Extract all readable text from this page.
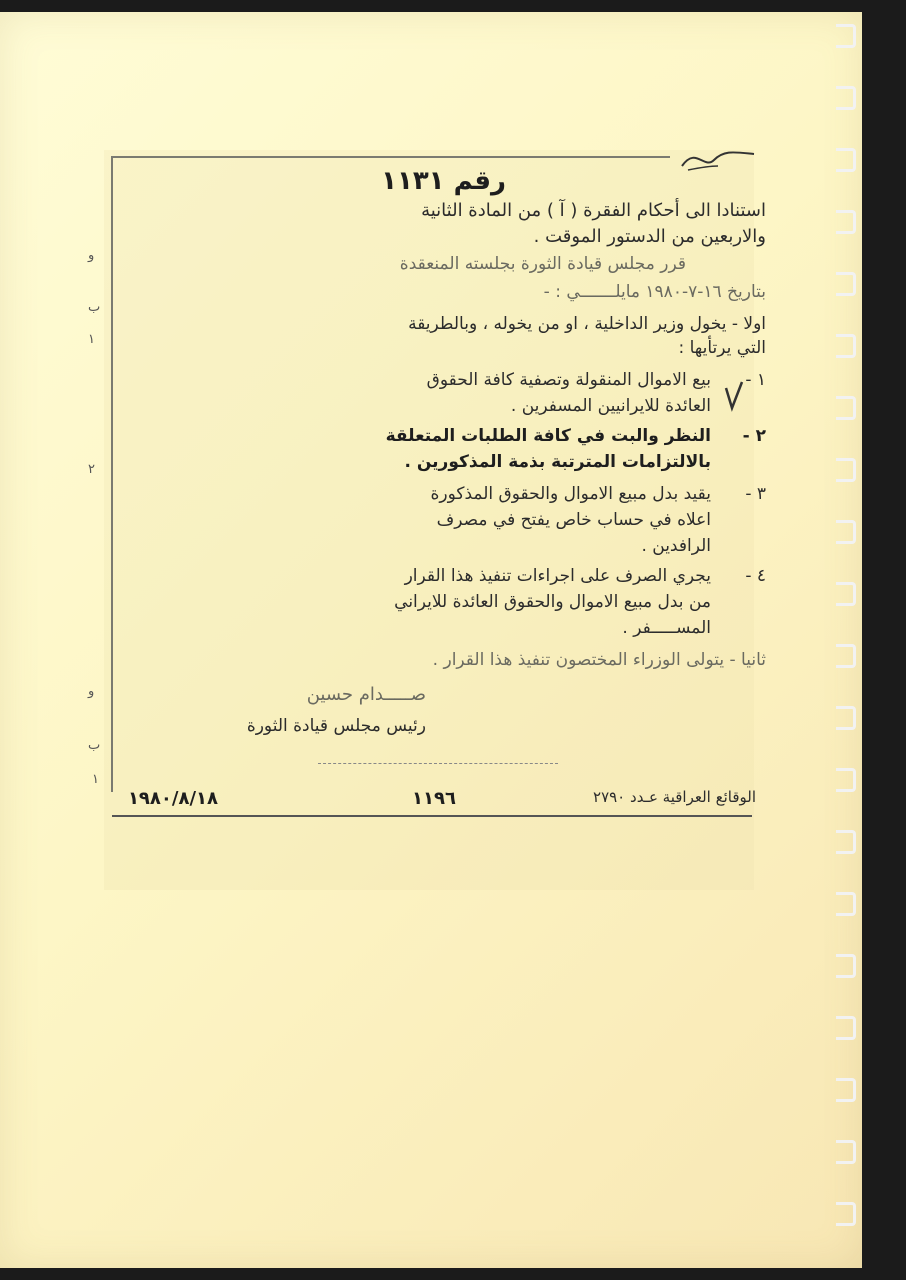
رقم ١١٣١
استنادا الى أحكام الفقرة ( آ ) من المادة الثانية
والاربعين من الدستور الموقت .
قرر مجلس قيادة الثورة بجلسته المنعقدة
بتاريخ ١٦-٧-١٩٨٠ مايلـــــــي : -
اولا - يخول وزير الداخلية ، او من يخوله ، وبالطريقة
التي يرتأيها :
١ -
بيع الاموال المنقولة وتصفية كافة الحقوق
العائدة للايرانيين المسفرين .
٢ -
النظر والبت في كافة الطلبات المتعلقة
بالالتزامات المترتبة بذمة المذكورين .
٣ -
يقيد بدل مبيع الاموال والحقوق المذكورة
اعلاه في حساب خاص يفتح في مصرف
الرافدين .
٤ -
يجري الصرف على اجراءات تنفيذ هذا القرار
من بدل مبيع الاموال والحقوق العائدة للايراني
المســـــفر .
ثانيا - يتولى الوزراء المختصون تنفيذ هذا القرار .
صـــــدام حسين
رئيس مجلس قيادة الثورة
الوقائع العراقية عـدد ٢٧٩٠
١١٩٦
١٩٨٠/٨/١٨
و
ب
١
٢
و
ب
١
